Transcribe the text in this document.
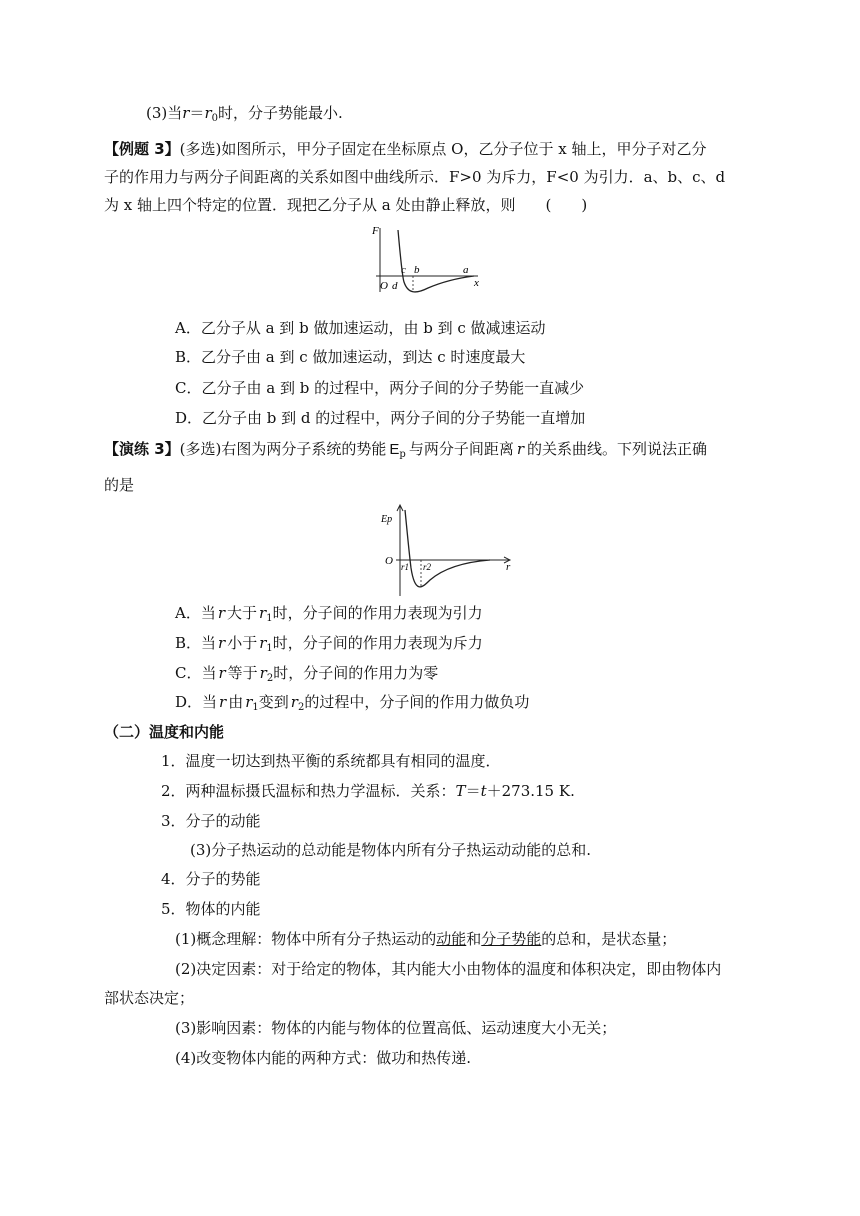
(3)当$r=r_0$时，分子势能最小.
【例题 3】(多选)如图所示，甲分子固定在坐标原点 O，乙分子位于 x 轴上，甲分子对乙分
子的作用力与两分子间距离的关系如图中曲线所示．F>0 为斥力，F<0 为引力．a、b、c、d
为 x 轴上四个特定的位置．现把乙分子从 a 处由静止释放，则　　(　　)
F
x
O
c b	a
d
A．乙分子从 a 到 b 做加速运动，由 b 到 c 做减速运动
B．乙分子由 a 到 c 做加速运动，到达 c 时速度最大
C．乙分子由 a 到 b 的过程中，两分子间的分子势能一直减少
D．乙分子由 b 到 d 的过程中，两分子间的分子势能一直增加
【演练 3】(多选)右图为两分子系统的势能 $E_p$ 与两分子间距离 r 的关系曲线。下列说法正确
的是
Ep
O r1 r2	r
A．当 r 大于 $r_1$时，分子间的作用力表现为引力
B．当 r 小于 $r_1$时，分子间的作用力表现为斥力
C．当 r 等于 $r_2$时，分子间的作用力为零
D．当 r 由 $r_1$变到 $r_2$的过程中，分子间的作用力做负功
（二）温度和内能
1．温度一切达到热平衡的系统都具有相同的温度．
2．两种温标摄氏温标和热力学温标．关系：T＝t＋273.15 K.
3．分子的动能
(3)分子热运动的总动能是物体内所有分子热运动动能的总和.
4．分子的势能
5．物体的内能
(1)概念理解：物体中所有分子热运动的动能和分子势能的总和，是状态量；
(2)决定因素：对于给定的物体，其内能大小由物体的温度和体积决定，即由物体内
部状态决定；
(3)影响因素：物体的内能与物体的位置高低、运动速度大小无关；
(4)改变物体内能的两种方式：做功和热传递.
